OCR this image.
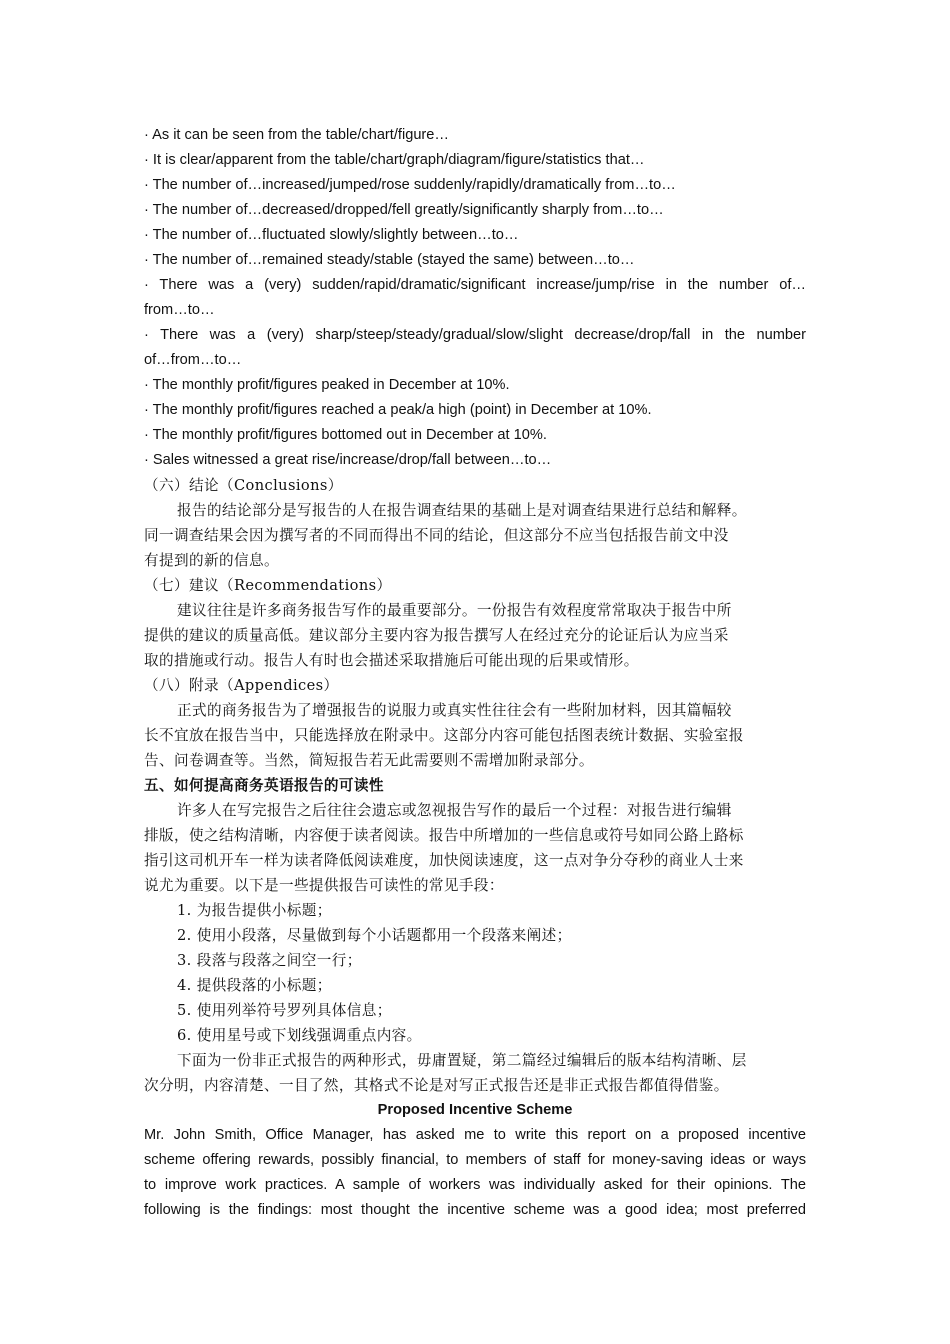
· As it can be seen from the table/chart/figure…
· It is clear/apparent from the table/chart/graph/diagram/figure/statistics that…
· The number of…increased/jumped/rose suddenly/rapidly/dramatically from…to…
· The number of…decreased/dropped/fell greatly/significantly sharply from…to…
· The number of…fluctuated slowly/slightly between…to…
· The number of…remained steady/stable (stayed the same) between…to…
· There was a (very) sudden/rapid/dramatic/significant increase/jump/rise in the number of…
from…to…
· There was a (very) sharp/steep/steady/gradual/slow/slight decrease/drop/fall in the number
of…from…to…
· The monthly profit/figures peaked in December at 10%.
· The monthly profit/figures reached a peak/a high (point) in December at 10%.
· The monthly profit/figures bottomed out in December at 10%.
· Sales witnessed a great rise/increase/drop/fall between…to…
（六）结论（Conclusions）
报告的结论部分是写报告的人在报告调查结果的基础上是对调查结果进行总结和解释。
同一调查结果会因为撰写者的不同而得出不同的结论，但这部分不应当包括报告前文中没
有提到的新的信息。
（七）建议（Recommendations）
建议往往是许多商务报告写作的最重要部分。一份报告有效程度常常取决于报告中所
提供的建议的质量高低。建议部分主要内容为报告撰写人在经过充分的论证后认为应当采
取的措施或行动。报告人有时也会描述采取措施后可能出现的后果或情形。
（八）附录（Appendices）
正式的商务报告为了增强报告的说服力或真实性往往会有一些附加材料，因其篇幅较
长不宜放在报告当中，只能选择放在附录中。这部分内容可能包括图表统计数据、实验室报
告、问卷调查等。当然，简短报告若无此需要则不需增加附录部分。
五、如何提高商务英语报告的可读性
许多人在写完报告之后往往会遗忘或忽视报告写作的最后一个过程：对报告进行编辑
排版，使之结构清晰，内容便于读者阅读。报告中所增加的一些信息或符号如同公路上路标
指引这司机开车一样为读者降低阅读难度，加快阅读速度，这一点对争分夺秒的商业人士来
说尤为重要。以下是一些提供报告可读性的常见手段：
1. 为报告提供小标题；
2. 使用小段落，尽量做到每个小话题都用一个段落来阐述；
3. 段落与段落之间空一行；
4. 提供段落的小标题；
5. 使用列举符号罗列具体信息；
6. 使用星号或下划线强调重点内容。
下面为一份非正式报告的两种形式，毋庸置疑，第二篇经过编辑后的版本结构清晰、层
次分明，内容清楚、一目了然，其格式不论是对写正式报告还是非正式报告都值得借鉴。
Proposed Incentive Scheme
Mr. John Smith, Office Manager, has asked me to write this report on a proposed incentive
scheme offering rewards, possibly financial, to members of staff for money-saving ideas or ways
to improve work practices. A sample of workers was individually asked for their opinions. The
following is the findings: most thought the incentive scheme was a good idea; most preferred
